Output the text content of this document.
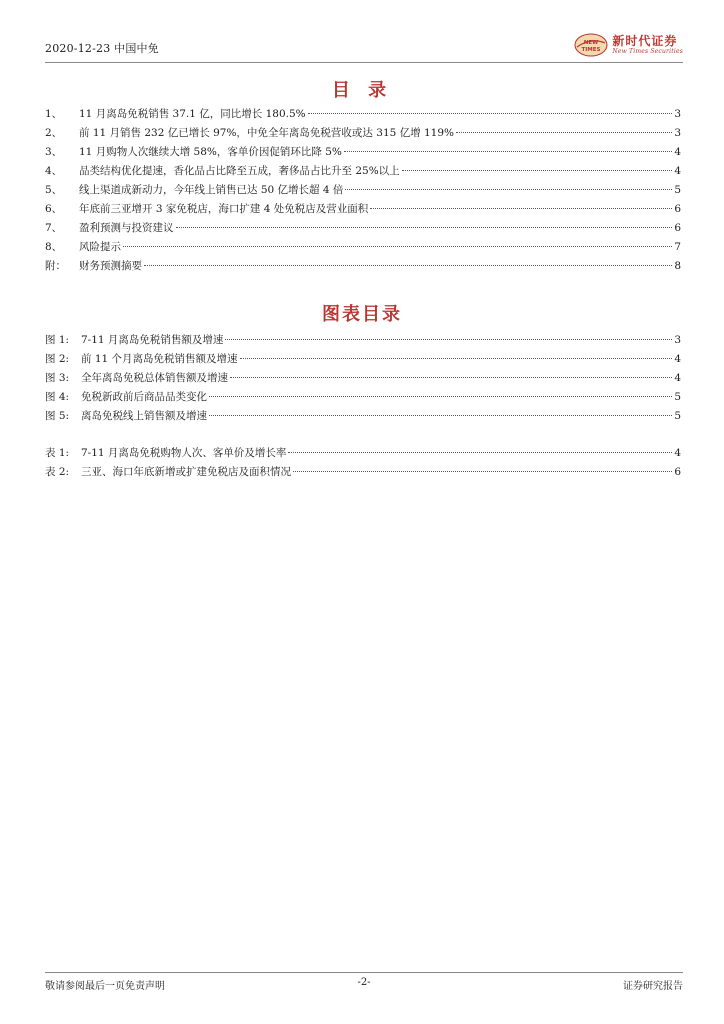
2020-12-23 中国中免	NEW
TIMES
新时代证券
New Times Securities
目 录
1、	11 月离岛免税销售 37.1 亿，同比增长 180.5%	3
2、	前 11 月销售 232 亿已增长 97%，中免全年离岛免税营收或达 315 亿增 119%	3
3、	11 月购物人次继续大增 58%，客单价因促销环比降 5%	4
4、	品类结构优化提速，香化品占比降至五成，奢侈品占比升至 25%以上	4
5、	线上渠道成新动力，今年线上销售已达 50 亿增长超 4 倍	5
6、	年底前三亚增开 3 家免税店，海口扩建 4 处免税店及营业面积	6
7、	盈利预测与投资建议	6
8、	风险提示	7
附：	财务预测摘要	8
图表目录
图 1:	7-11 月离岛免税销售额及增速	3
图 2:	前 11 个月离岛免税销售额及增速	4
图 3:	全年离岛免税总体销售额及增速	4
图 4:	免税新政前后商品品类变化	5
图 5:	离岛免税线上销售额及增速	5
表 1:	7-11 月离岛免税购物人次、客单价及增长率	4
表 2:	三亚、海口年底新增或扩建免税店及面积情况	6
敬请参阅最后一页免责声明	-2-	证券研究报告
